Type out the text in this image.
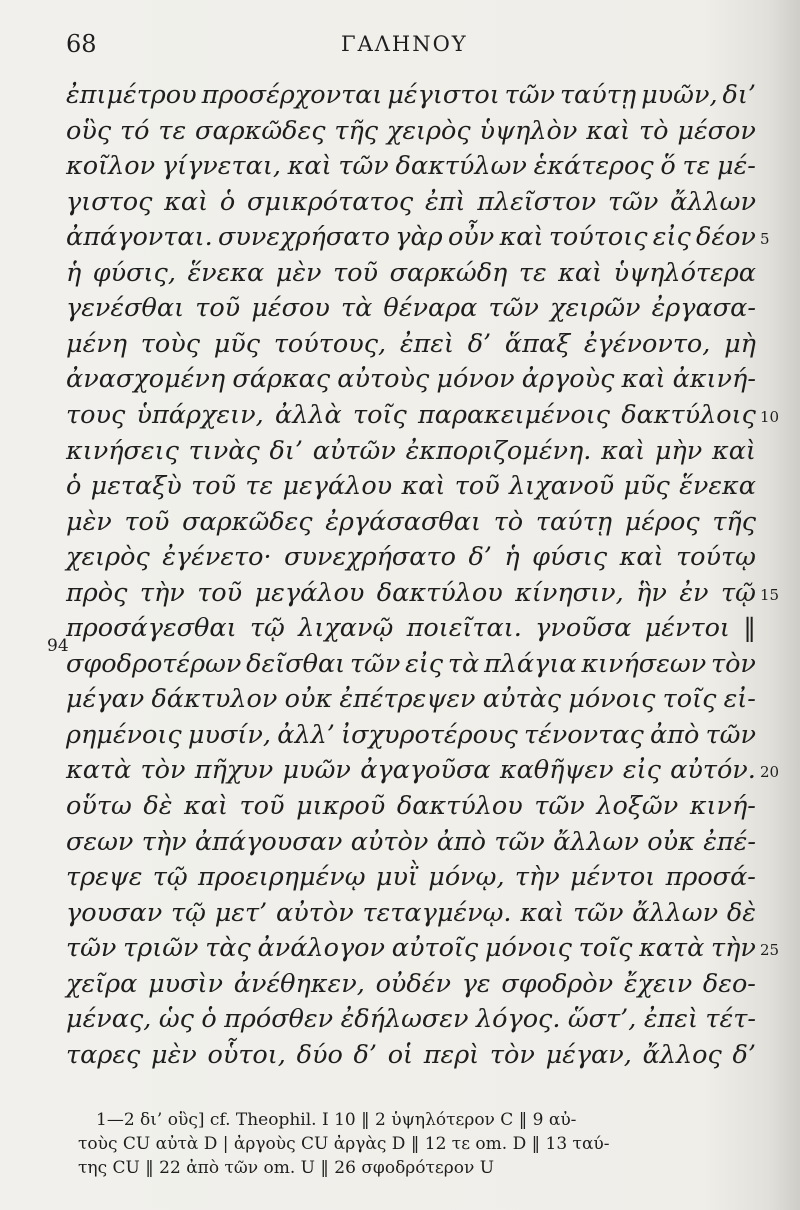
68	ΓΑΛΗΝΟΥ
ἐπιμέτρου προσέρχονται μέγιστοι τῶν ταύτῃ μυῶν, δι’
οὓς τό τε σαρκῶδες τῆς χειρὸς ὑψηλὸν καὶ τὸ μέσον
κοῖλον γίγνεται, καὶ τῶν δακτύλων ἑκάτερος ὅ τε μέ-
γιστος καὶ ὁ σμικρότατος ἐπὶ πλεῖστον τῶν ἄλλων
ἀπάγονται. συνεχρήσατο γὰρ οὖν καὶ τούτοις εἰς δέον 5
ἡ φύσις, ἕνεκα μὲν τοῦ σαρκώδη τε καὶ ὑψηλότερα
γενέσθαι τοῦ μέσου τὰ θέναρα τῶν χειρῶν ἐργασα-
μένη τοὺς μῦς τούτους, ἐπεὶ δ’ ἅπαξ ἐγένοντο, μὴ
ἀνασχομένη σάρκας αὐτοὺς μόνον ἀργοὺς καὶ ἀκινή-
τους ὑπάρχειν, ἀλλὰ τοῖς παρακειμένοις δακτύλοις 10
κινήσεις τινὰς δι’ αὐτῶν ἐκποριζομένη. καὶ μὴν καὶ
ὁ μεταξὺ τοῦ τε μεγάλου καὶ τοῦ λιχανοῦ μῦς ἕνεκα
μὲν τοῦ σαρκῶδες ἐργάσασθαι τὸ ταύτῃ μέρος τῆς
χειρὸς ἐγένετο· συνεχρήσατο δ’ ἡ φύσις καὶ τούτῳ
πρὸς τὴν τοῦ μεγάλου δακτύλου κίνησιν, ἣν ἐν τῷ 15
προσάγεσθαι τῷ λιχανῷ ποιεῖται. γνοῦσα μέντοι ‖
σφοδροτέρων δεῖσθαι τῶν εἰς τὰ πλάγια κινήσεων τὸν
μέγαν δάκτυλον οὐκ ἐπέτρεψεν αὐτὰς μόνοις τοῖς εἰ-
ρημένοις μυσίν, ἀλλ’ ἰσχυροτέρους τένοντας ἀπὸ τῶν
κατὰ τὸν πῆχυν μυῶν ἀγαγοῦσα καθῆψεν εἰς αὐτόν. 20
οὕτω δὲ καὶ τοῦ μικροῦ δακτύλου τῶν λοξῶν κινή-
σεων τὴν ἀπάγουσαν αὐτὸν ἀπὸ τῶν ἄλλων οὐκ ἐπέ-
τρεψε τῷ προειρημένῳ μυῒ μόνῳ, τὴν μέντοι προσά-
γουσαν τῷ μετ’ αὐτὸν τεταγμένῳ. καὶ τῶν ἄλλων δὲ
τῶν τριῶν τὰς ἀνάλογον αὐτοῖς μόνοις τοῖς κατὰ τὴν 25
χεῖρα μυσὶν ἀνέθηκεν, οὐδέν γε σφοδρὸν ἔχειν δεο-
μένας, ὡς ὁ πρόσθεν ἐδήλωσεν λόγος. ὥστ’, ἐπεὶ τέτ-
ταρες μὲν οὗτοι, δύο δ’ οἱ περὶ τὸν μέγαν, ἄλλος δ’
94
1—2 δι’ οὓς] cf. Theophil. I 10 ‖ 2 ὑψηλότερον C ‖ 9 αὐ-
τοὺς CU αὐτὰ D | ἀργοὺς CU ἀργὰς D ‖ 12 τε om. D ‖ 13 ταύ-
της CU ‖ 22 ἀπὸ τῶν om. U ‖ 26 σφοδρότερον U
